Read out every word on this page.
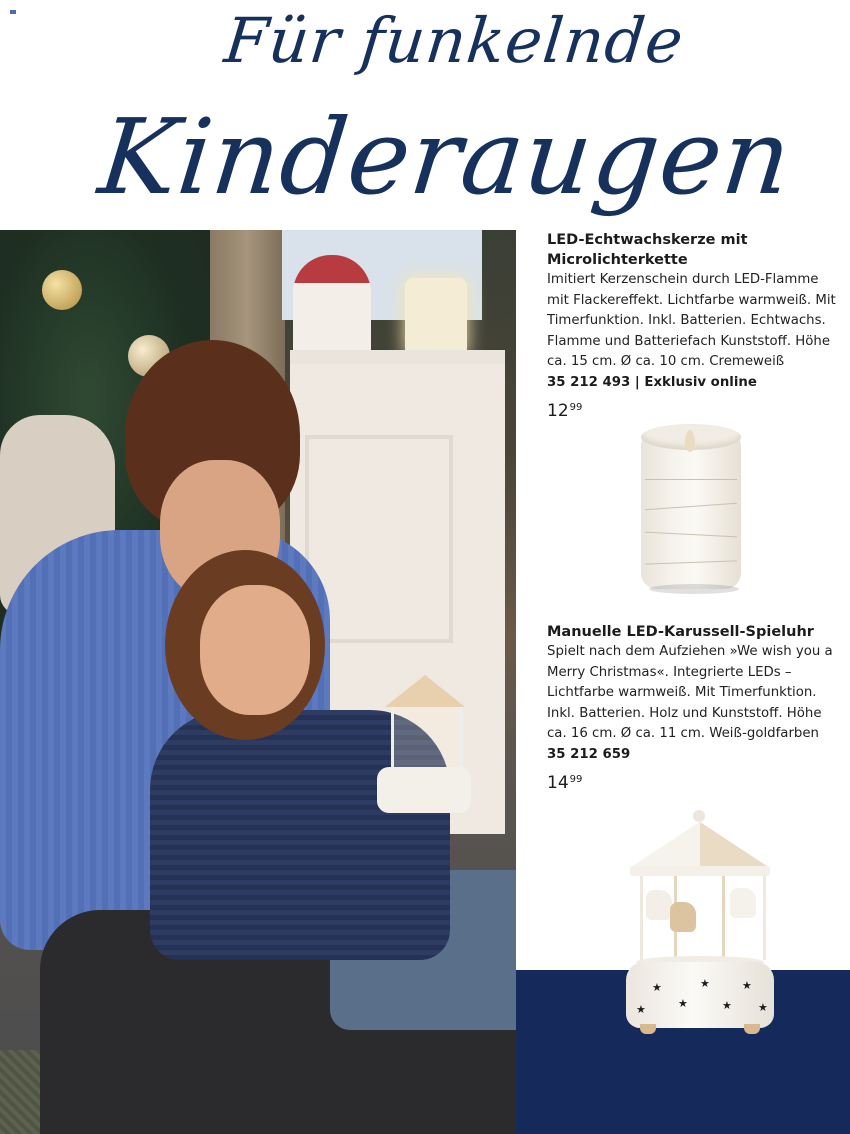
Für funkelnde
Kinderaugen

LED-Echtwachskerze mit Microlichterkette

Imitiert Kerzenschein durch LED-Flamme mit Flackereffekt. Lichtfarbe warmweiß. Mit Timerfunktion. Inkl. Batterien. Echtwachs. Flamme und Batteriefach Kunststoff. Höhe ca. 15 cm. Ø ca. 10 cm. Cremeweiß

35 212 493 | Exklusiv online

$12^{99}$

Manuelle LED-Karussell-Spieluhr

Spielt nach dem Aufziehen »We wish you a Merry Christmas«. Integrierte LEDs – Lichtfarbe warmweiß. Mit Timerfunktion. Inkl. Batterien. Holz und Kunststoff. Höhe ca. 16 cm. Ø ca. 11 cm. Weiß-goldfarben

35 212 659

$14^{99}$
★
★
★
★
★
★	★
